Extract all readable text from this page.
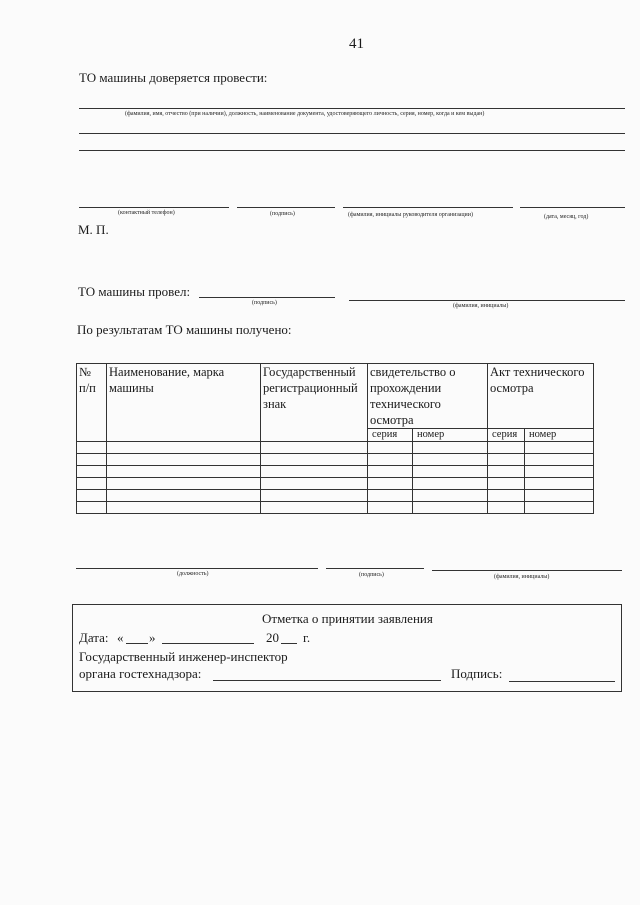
41
ТО машины доверяется провести:
(фамилия, имя, отчество (при наличии), должность, наименование документа, удостоверяющего личность, серия, номер, когда и кем выдан)
(контактный телефон)	(подпись)	(фамилия, инициалы руководителя организации)	(дата, месяц, год)
М. П.
ТО машины провел:
(подпись)	(фамилия, инициалы)
По результатам ТО машины получено:
№ п/п	Наименование, марка машины	Государственный регистрационный знак	свидетельство о прохождении технического осмотра		Акт технического осмотра	
			серия	номер	серия	номер

(должность)	(подпись)	(фамилия, инициалы)
Отметка о принятии заявления
Дата: « »	20 г.
Государственный инженер-инспектор
органа гостехнадзора:	Подпись:
